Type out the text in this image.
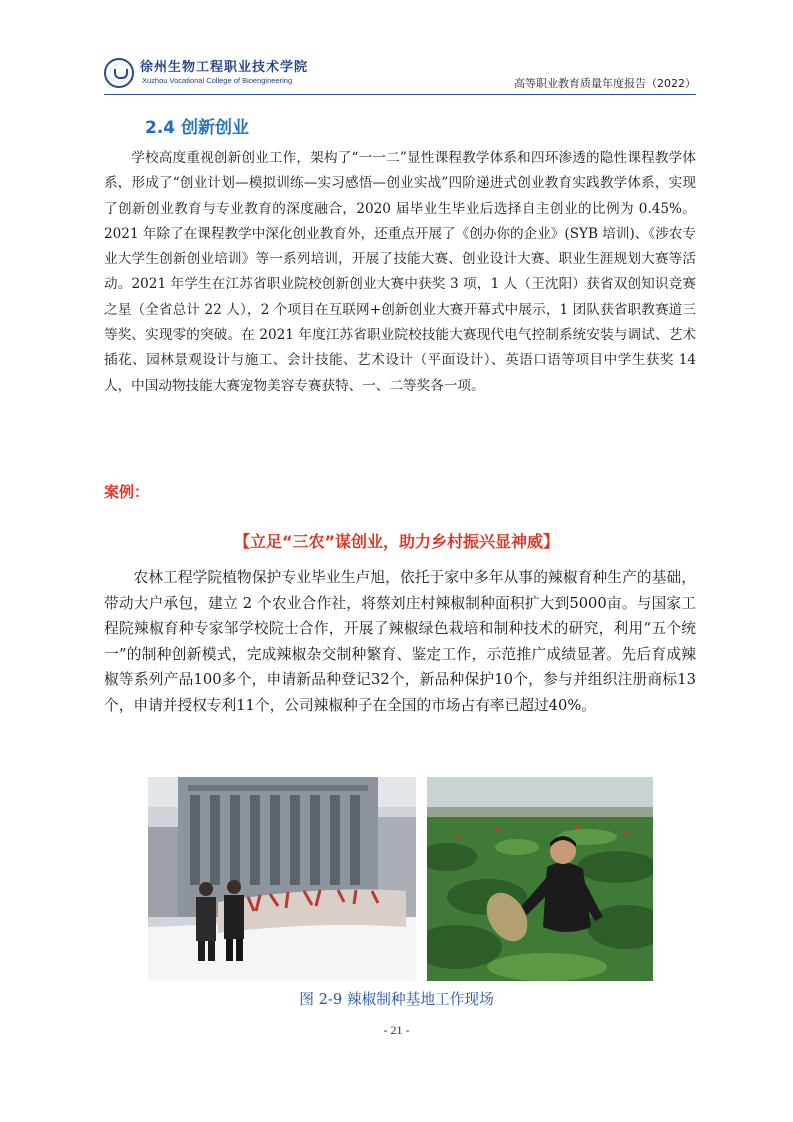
徐州生物工程职业技术学院
Xuzhou Vocational College of Bioengineering	高等职业教育质量年度报告（2022）
2.4 创新创业
学校高度重视创新创业工作，架构了“一一二”显性课程教学体系和四环渗透的隐性课程教学体系，形成了“创业计划—模拟训练—实习感悟—创业实战”四阶递进式创业教育实践教学体系，实现了创新创业教育与专业教育的深度融合，2020 届毕业生毕业后选择自主创业的比例为 0.45%。2021 年除了在课程教学中深化创业教育外，还重点开展了《创办你的企业》(SYB 培训)、《涉农专业大学生创新创业培训》等一系列培训，开展了技能大赛、创业设计大赛、职业生涯规划大赛等活动。2021 年学生在江苏省职业院校创新创业大赛中获奖 3 项，1 人（王沈阳）获省双创知识竞赛之星（全省总计 22 人），2 个项目在互联网+创新创业大赛开幕式中展示，1 团队获省职教赛道三等奖、实现零的突破。在 2021 年度江苏省职业院校技能大赛现代电气控制系统安装与调试、艺术插花、园林景观设计与施工、会计技能、艺术设计（平面设计）、英语口语等项目中学生获奖 14 人，中国动物技能大赛宠物美容专赛获特、一、二等奖各一项。
案例：
【立足“三农”谋创业，助力乡村振兴显神威】
农林工程学院植物保护专业毕业生卢旭，依托于家中多年从事的辣椒育种生产的基础，带动大户承包，建立 2 个农业合作社，将蔡刘庄村辣椒制种面积扩大到5000亩。与国家工程院辣椒育种专家邹学校院士合作，开展了辣椒绿色栽培和制种技术的研究，利用“五个统一”的制种创新模式，完成辣椒杂交制种繁育、鉴定工作，示范推广成绩显著。先后育成辣椒等系列产品100多个，申请新品种登记32个，新品种保护10个，参与并组织注册商标13个，申请并授权专利11个，公司辣椒种子在全国的市场占有率已超过40%。
图 2-9 辣椒制种基地工作现场
- 21 -
